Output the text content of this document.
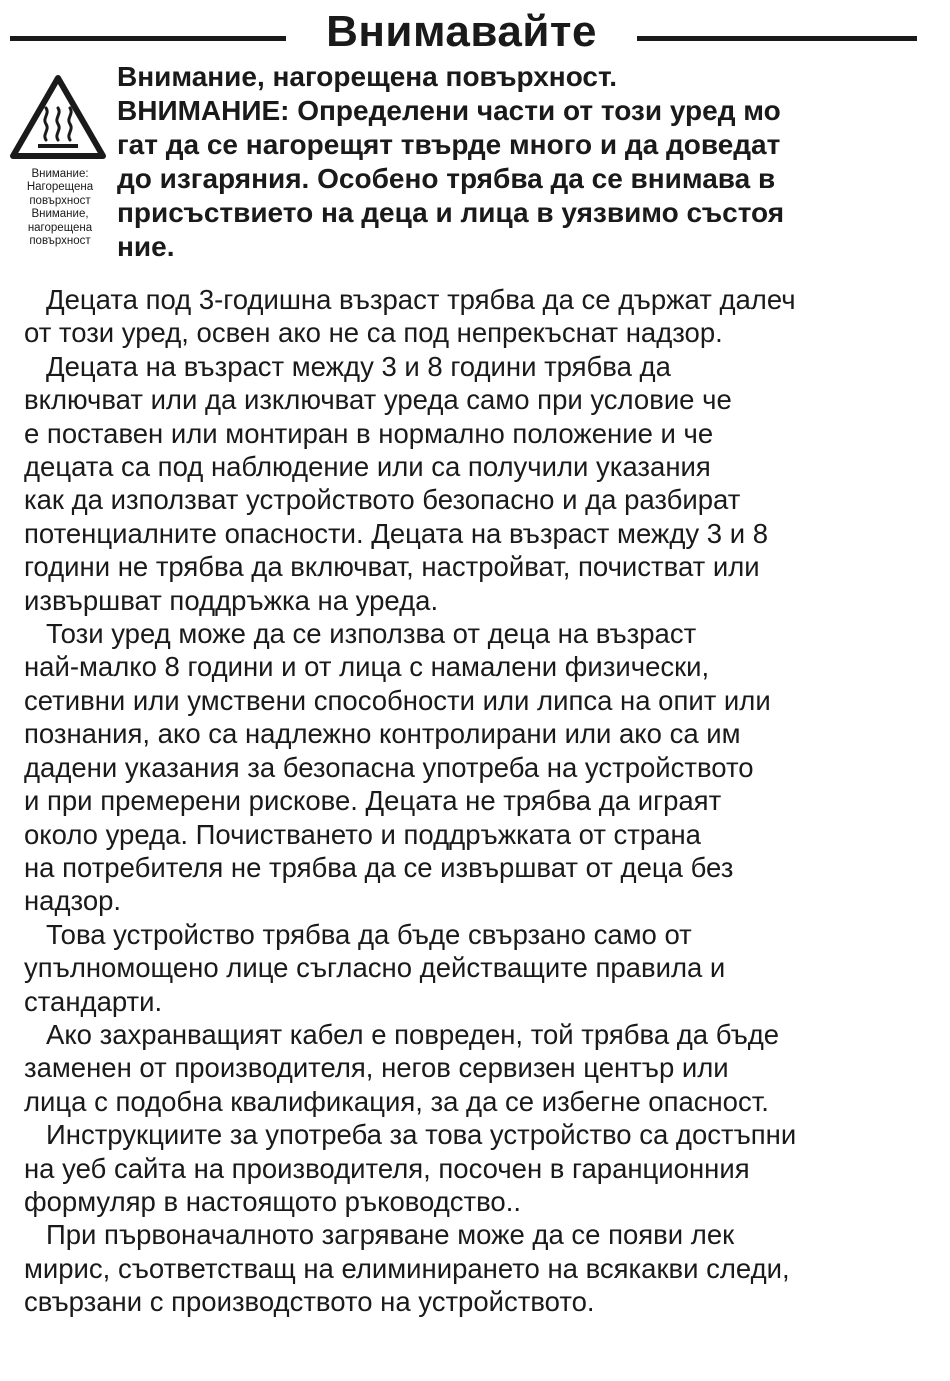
Внимавайте
Внимание:
Нагорещена
повърхност
Внимание,
нагорещена
повърхност
Внимание, нагорещена повърхност.
ВНИМАНИЕ: Определени части от този уред мо
гат да се нагорещят твърде много и да доведат
до изгаряния. Особено трябва да се внимава в
присъствието на деца и лица в уязвимо състоя
ние.
Децата под 3-годишна възраст трябва да се държат далеч
от този уред, освен ако не са под непрекъснат надзор.
Децата на възраст между 3 и 8 години трябва да
включват или да изключват уреда само при условие че
е поставен или монтиран в нормално положение и че
децата са под наблюдение или са получили указания
как да използват устройството безопасно и да разбират
потенциалните опасности. Децата на възраст между 3 и 8
години не трябва да включват, настройват, почистват или
извършват поддръжка на уреда.
Този уред може да се използва от деца на възраст
най-малко 8 години и от лица с намалени физически,
сетивни или умствени способности или липса на опит или
познания, ако са надлежно контролирани или ако са им
дадени указания за безопасна употреба на устройството
и при премерени рискове. Децата не трябва да играят
около уреда. Почистването и поддръжката от страна
на потребителя не трябва да се извършват от деца без
надзор.
Това устройство трябва да бъде свързано само от
упълномощено лице съгласно действащите правила и
стандарти.
Ако захранващият кабел е повреден, той трябва да бъде
заменен от производителя, негов сервизен център или
лица с подобна квалификация, за да се избегне опасност.
Инструкциите за употреба за това устройство са достъпни
на уеб сайта на производителя, посочен в гаранционния
формуляр в настоящото ръководство..
При първоначалното загряване може да се появи лек
мирис, съответстващ на елиминирането на всякакви следи,
свързани с производството на устройството.
